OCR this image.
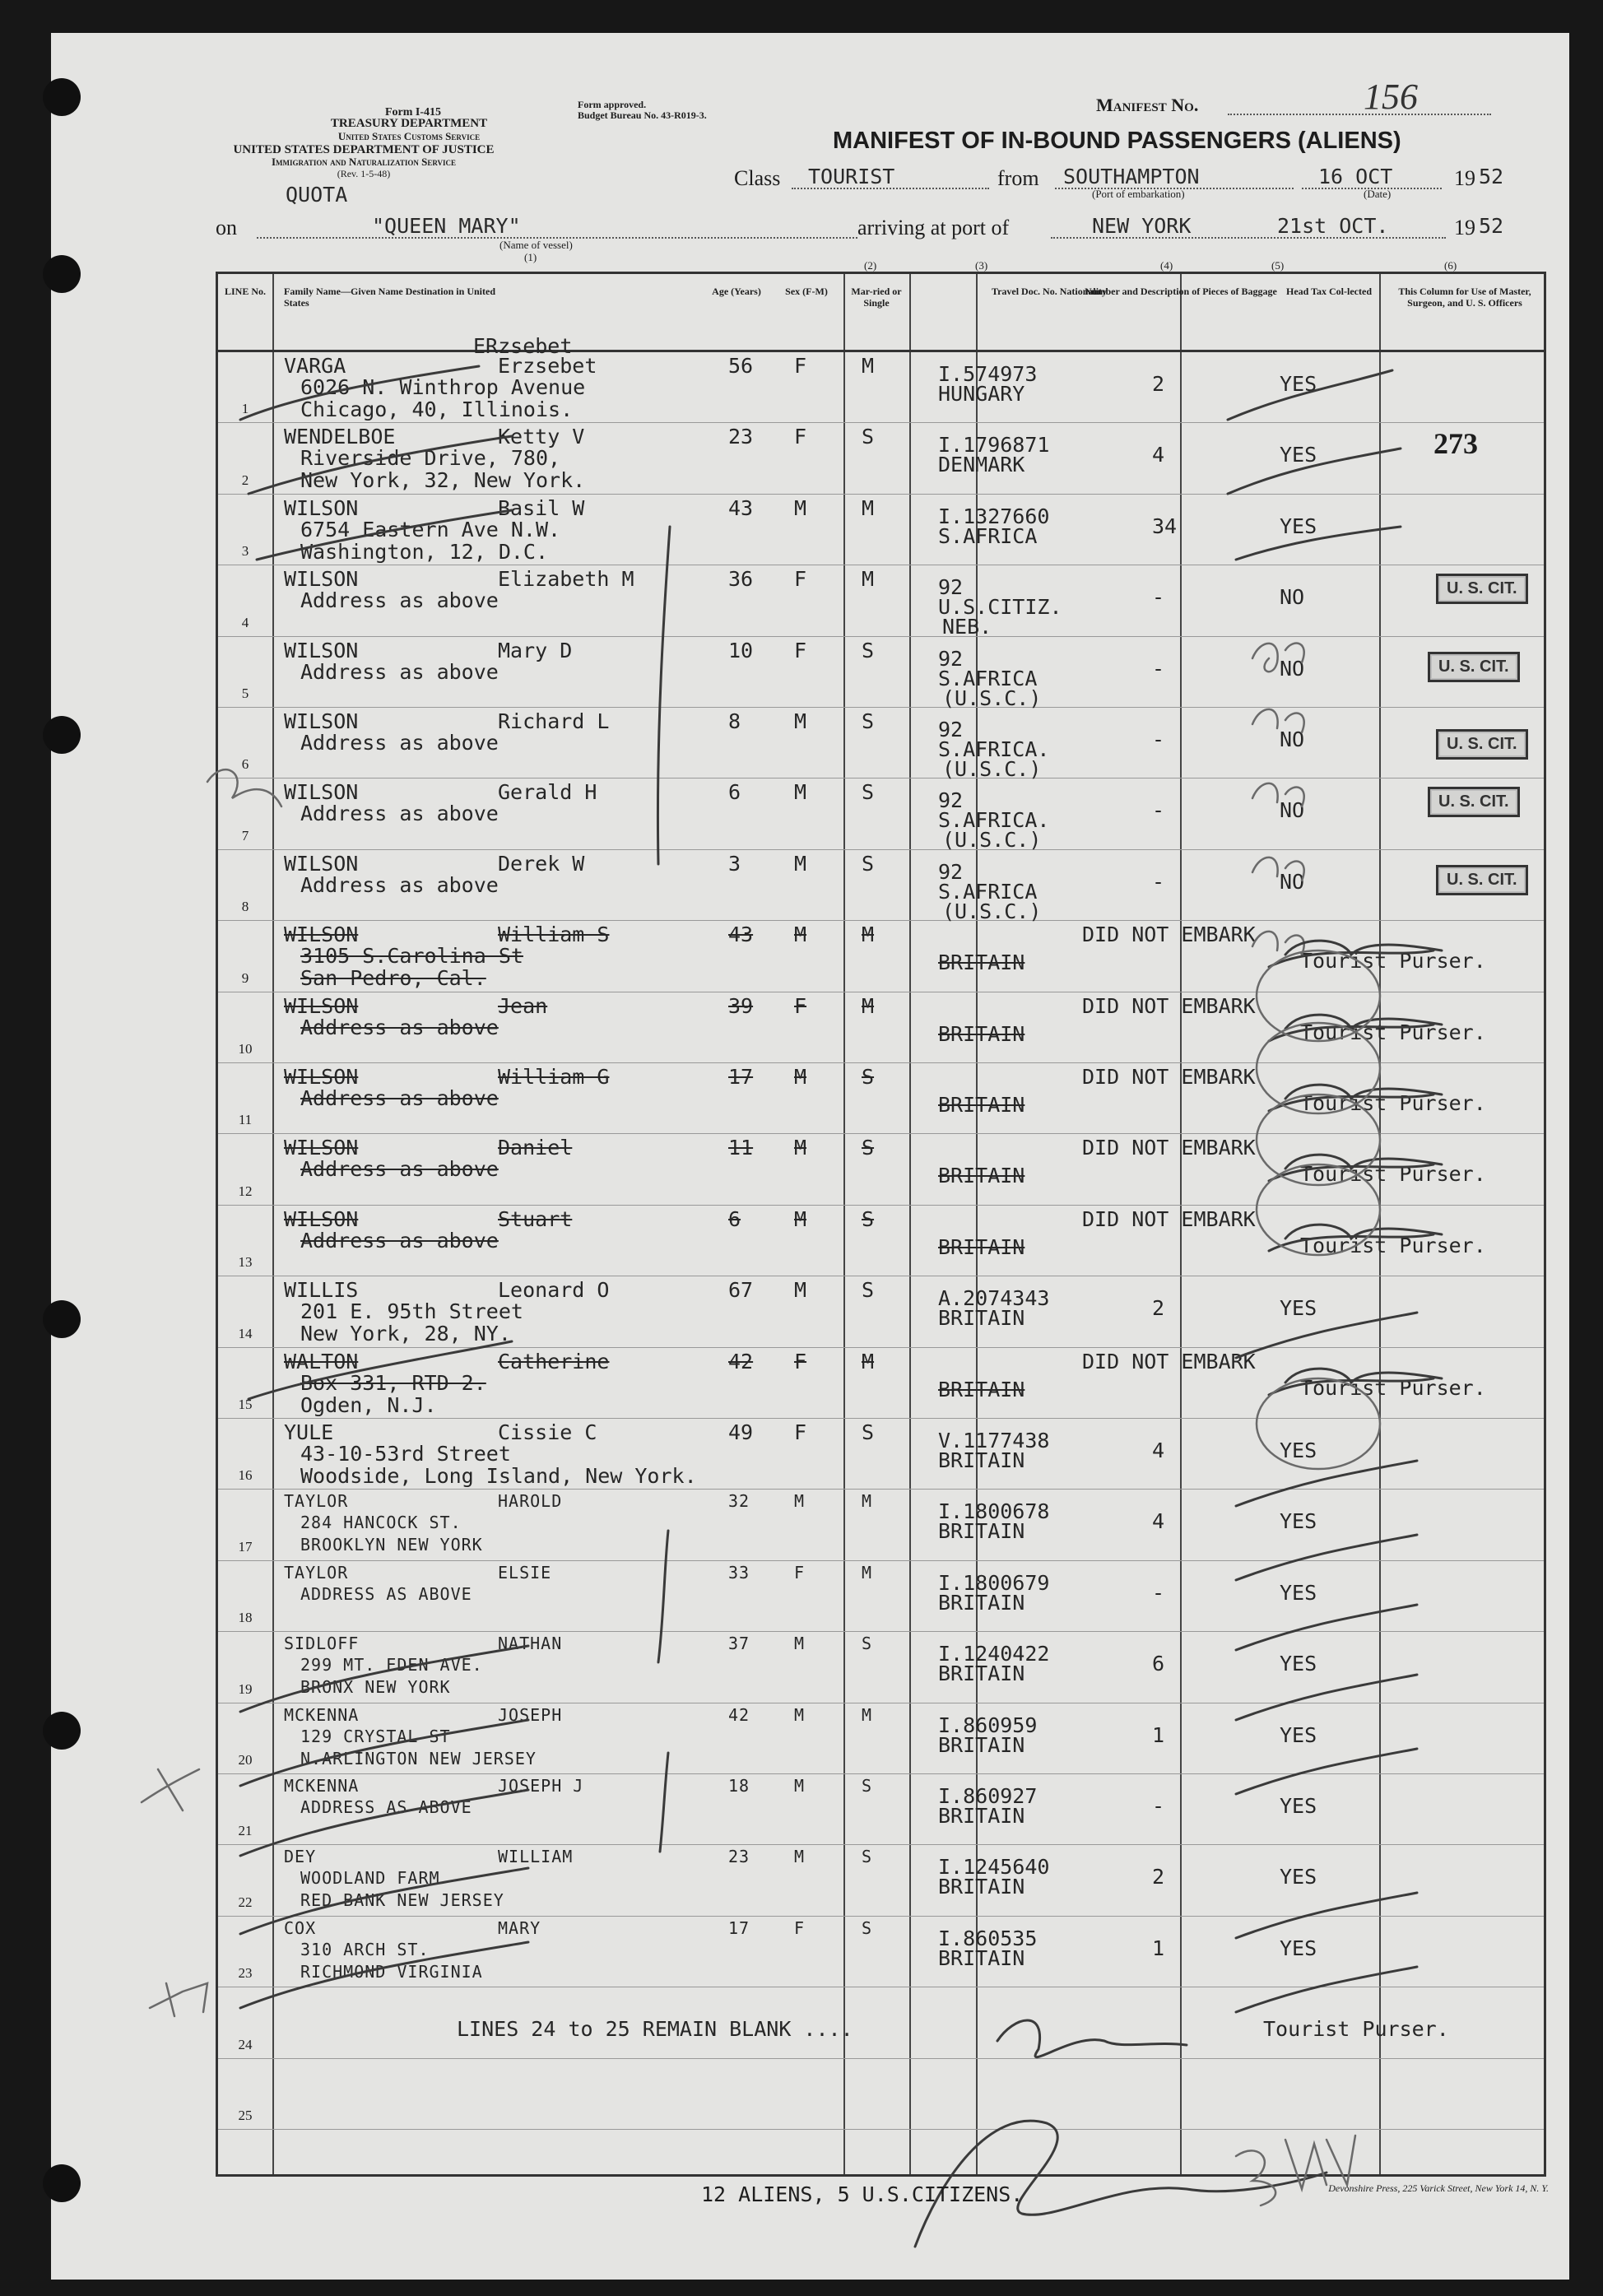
Form I-415
TREASURY DEPARTMENT
United States Customs Service
UNITED STATES DEPARTMENT OF JUSTICE
Immigration and Naturalization Service
(Rev. 1-5-48)
Form approved.
Budget Bureau No. 43-R019-3.	Manifest No.	156
MANIFEST OF IN-BOUND PASSENGERS (ALIENS)
Class TOURIST	from SOUTHAMPTON
(Port of embarkation)
16 OCT
(Date)
19 52
QUOTA
on	"QUEEN MARY"
(Name of vessel)
(1)
arriving at port of	NEW YORK	21st OCT.	19 52
273
LINE No.	Family Name—Given Name Destination in United States
Age (Years)	Sex (F-M)	Mar-ried or Single
Travel Doc. No. Nationality
Number and Description of Pieces of Baggage Head Tax Col-lected	This Column for Use of Master, Surgeon, and U. S. Officers
(2)	(3)	(4)	(5)	(6)
1
VARGA	Erzsebet
ERzsebet
6026 N. Winthrop Avenue
Chicago, 40, Illinois.
56 F	M	I.574973
HUNGARY	2	YES
2
WENDELBOE	Ketty V
Riverside Drive, 780,
New York, 32, New York.
23 F	S	I.1796871
DENMARK	4	YES
3
WILSON	Basil W
6754 Eastern Ave N.W.
Washington, 12, D.C.
43 M	M	I.1327660
S.AFRICA	34	YES
4
WILSON	Elizabeth M
Address as above
36 F	M	92
U.S.CITIZ.
NEB.
-	NO	U. S. CIT.
5
WILSON	Mary D
Address as above
10 F	S	92
S.AFRICA
(U.S.C.)
-	NO	U. S. CIT.
6
WILSON	Richard L
Address as above
8	M	S	92
S.AFRICA.
(U.S.C.)
-	NO	U. S. CIT.
7
WILSON	Gerald H
Address as above
6	M	S	92
S.AFRICA.
(U.S.C.)
-	NO	U. S. CIT.
8
WILSON	Derek W
Address as above
3	M	S	92
S.AFRICA
(U.S.C.)
-	NO	U. S. CIT.
9
WILSON	William S
3105 S.Carolina St
San Pedro, Cal.
43 M	M
BRITAIN
DID NOT EMBARK
Tourist Purser.
10
WILSON	Jean
Address as above
39 F	M
BRITAIN
DID NOT EMBARK
Tourist Purser.
11
WILSON	William G
Address as above
17 M	S
BRITAIN
DID NOT EMBARK
Tourist Purser.
12
WILSON	Daniel
Address as above
11 M	S
BRITAIN
DID NOT EMBARK
Tourist Purser.
13
WILSON	Stuart
Address as above
6	M	S
BRITAIN
DID NOT EMBARK
Tourist Purser.
14
WILLIS	Leonard O
201 E. 95th Street
New York, 28, NY.
67 M	S	A.2074343
BRITAIN	2	YES
15
WALTON	Catherine
Box 331, RTD 2.
Ogden, N.J.
42 F	M
BRITAIN
DID NOT EMBARK
Tourist Purser.
16
YULE	Cissie C
43-10-53rd Street
Woodside, Long Island, New York.
49 F	S	V.1177438
BRITAIN	4	YES
17
TAYLOR	HAROLD
284 HANCOCK ST.
BROOKLYN NEW YORK
32	M	M	I.1800678
BRITAIN	4	YES
18
TAYLOR	ELSIE
ADDRESS AS ABOVE
33	F	M	I.1800679
BRITAIN	-	YES
19
SIDLOFF	NATHAN
299 MT. EDEN AVE.
BRONX NEW YORK
37	M	S	I.1240422
BRITAIN	6	YES
20
MCKENNA	JOSEPH
129 CRYSTAL ST
N.ARLINGTON NEW JERSEY
42	M	M	I.860959
BRITAIN	1	YES
21
MCKENNA	JOSEPH J
ADDRESS AS ABOVE
18	M	S	I.860927
BRITAIN	-	YES
22
DEY	WILLIAM
WOODLAND FARM
RED BANK NEW JERSEY
23	M	S	I.1245640
BRITAIN	2	YES
23
COX	MARY
310 ARCH ST.
RICHMOND VIRGINIA
17	F	S	I.860535
BRITAIN	1	YES
24
LINES 24 to 25 REMAIN BLANK ....	Tourist Purser.
25
12 ALIENS, 5 U.S.CITIZENS.	Devonshire Press, 225 Varick Street, New York 14, N. Y.
